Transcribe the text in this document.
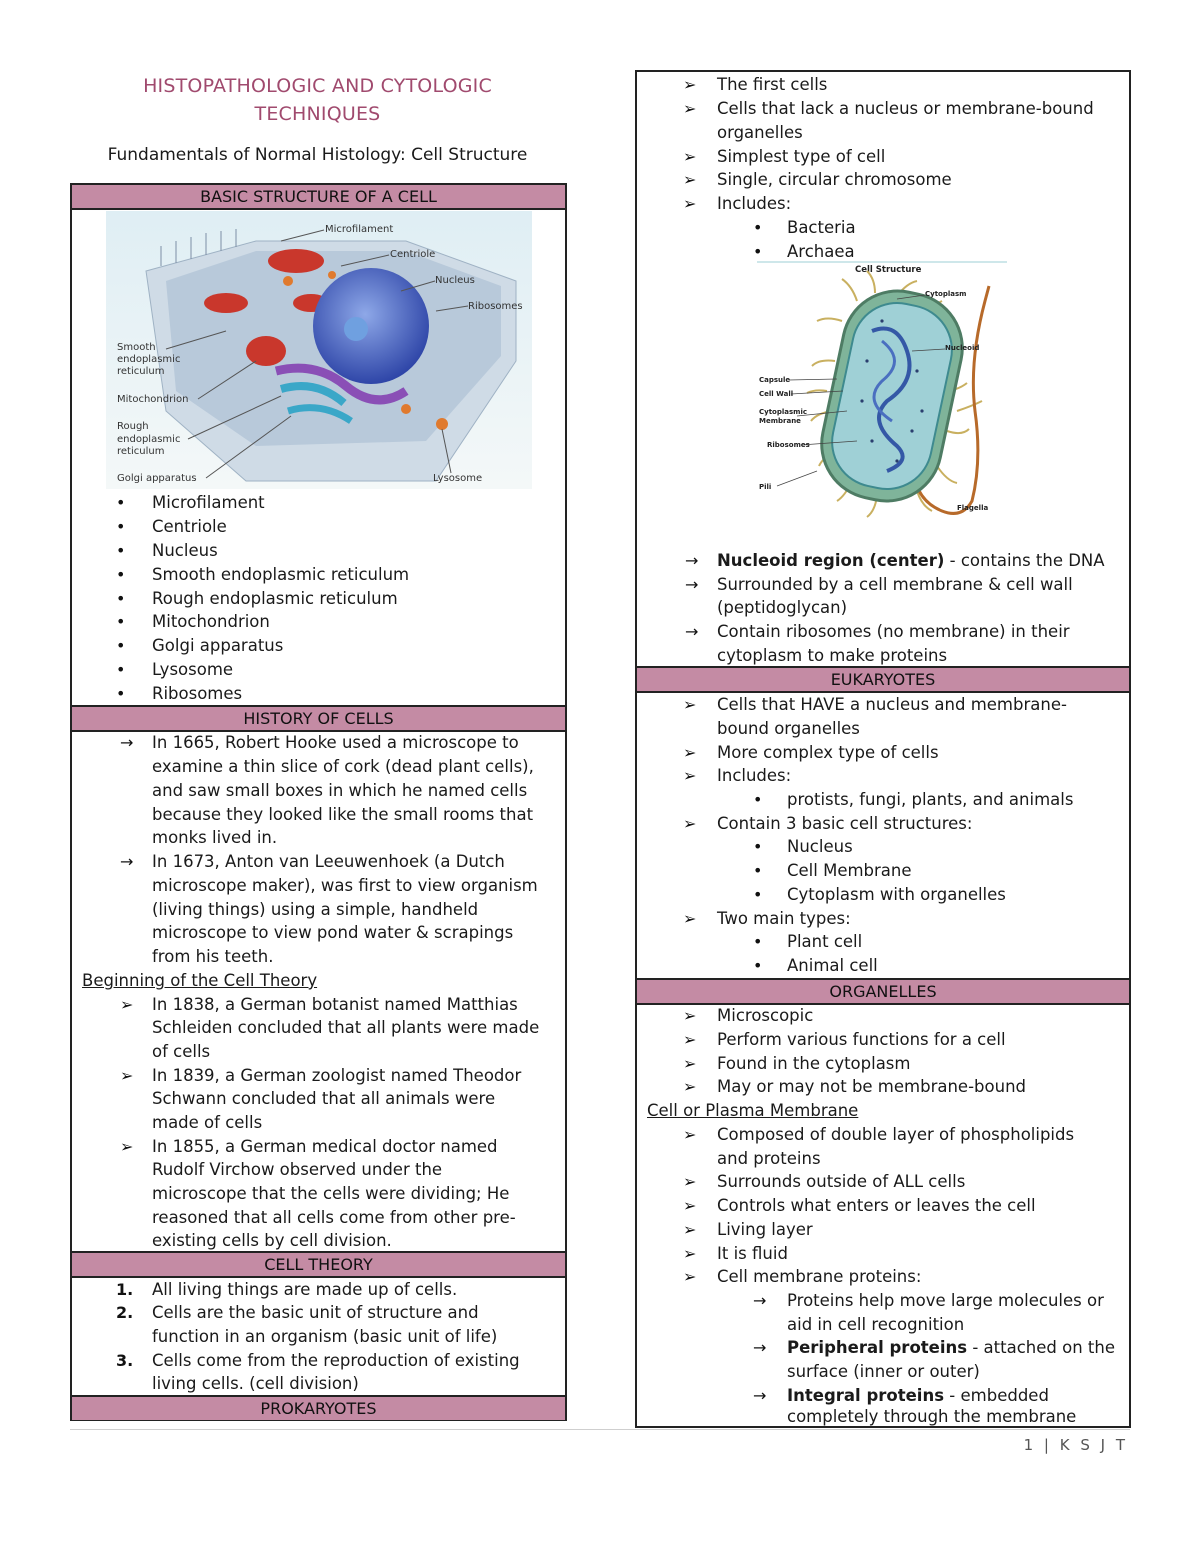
HISTOPATHOLOGIC AND CYTOLOGIC
TECHNIQUES
Fundamentals of Normal Histology: Cell Structure
BASIC STRUCTURE OF A CELL
Microfilament
Centriole
Nucleus
Ribosomes
Smooth
endoplasmic
reticulum
Mitochondrion
Rough
endoplasmic
reticulum
Golgi apparatus	Lysosome
• Microfilament
• Centriole
• Nucleus
• Smooth endoplasmic reticulum
• Rough endoplasmic reticulum
• Mitochondrion
• Golgi apparatus
• Lysosome
• Ribosomes
HISTORY OF CELLS
→ In 1665, Robert Hooke used a microscope to
examine a thin slice of cork (dead plant cells),
and saw small boxes in which he named cells
because they looked like the small rooms that
monks lived in.
→ In 1673, Anton van Leeuwenhoek (a Dutch
microscope maker), was first to view organism
(living things) using a simple, handheld
microscope to view pond water & scrapings
from his teeth.
Beginning of the Cell Theory
➢ In 1838, a German botanist named Matthias
Schleiden concluded that all plants were made
of cells
➢ In 1839, a German zoologist named Theodor
Schwann concluded that all animals were
made of cells
➢ In 1855, a German medical doctor named
Rudolf Virchow observed under the
microscope that the cells were dividing; He
reasoned that all cells come from other pre-
existing cells by cell division.
CELL THEORY
1. All living things are made up of cells.
2. Cells are the basic unit of structure and
function in an organism (basic unit of life)
3. Cells come from the reproduction of existing
living cells. (cell division)
PROKARYOTES
➢ The first cells
➢ Cells that lack a nucleus or membrane-bound
organelles
➢ Simplest type of cell
➢ Single, circular chromosome
➢ Includes:
• Bacteria
• Archaea
Cell Structure
Cytoplasm
Nucleoid
Capsule
Cell Wall
Cytoplasmic
Membrane
Ribosomes
Pili
Flagella
→ Nucleoid region (center) - contains the DNA
→ Surrounded by a cell membrane & cell wall
(peptidoglycan)
→ Contain ribosomes (no membrane) in their
cytoplasm to make proteins
EUKARYOTES
➢ Cells that HAVE a nucleus and membrane-
bound organelles
➢ More complex type of cells
➢ Includes:
• protists, fungi, plants, and animals
➢ Contain 3 basic cell structures:
• Nucleus
• Cell Membrane
• Cytoplasm with organelles
➢ Two main types:
• Plant cell
• Animal cell
ORGANELLES
➢ Microscopic
➢ Perform various functions for a cell
➢ Found in the cytoplasm
➢ May or may not be membrane-bound
Cell or Plasma Membrane
➢ Composed of double layer of phospholipids
and proteins
➢ Surrounds outside of ALL cells
➢ Controls what enters or leaves the cell
➢ Living layer
➢ It is fluid
➢ Cell membrane proteins:
→ Proteins help move large molecules or
aid in cell recognition
→ Peripheral proteins - attached on the
surface (inner or outer)
→ Integral proteins - embedded
completely through the membrane
1 | K S J T
